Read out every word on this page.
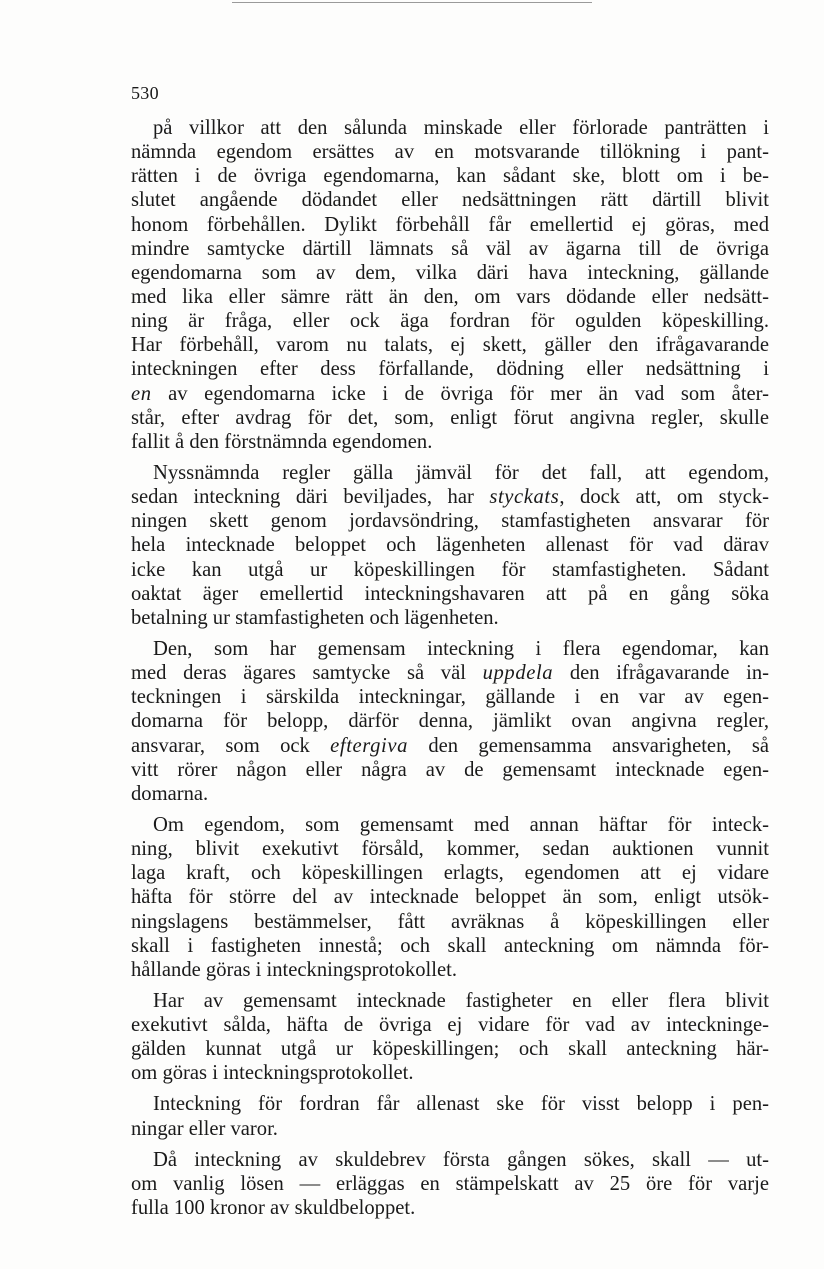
530
på villkor att den sålunda minskade eller förlorade panträtten i
nämnda egendom ersättes av en motsvarande tillökning i pant-
rätten i de övriga egendomarna, kan sådant ske, blott om i be-
slutet angående dödandet eller nedsättningen rätt därtill blivit
honom förbehållen. Dylikt förbehåll får emellertid ej göras, med
mindre samtycke därtill lämnats så väl av ägarna till de övriga
egendomarna som av dem, vilka däri hava inteckning, gällande
med lika eller sämre rätt än den, om vars dödande eller nedsätt-
ning är fråga, eller ock äga fordran för ogulden köpeskilling.
Har förbehåll, varom nu talats, ej skett, gäller den ifrågavarande
inteckningen efter dess förfallande, dödning eller nedsättning i
en av egendomarna icke i de övriga för mer än vad som åter-
står, efter avdrag för det, som, enligt förut angivna regler, skulle
fallit å den förstnämnda egendomen.
Nyssnämnda regler gälla jämväl för det fall, att egendom,
sedan inteckning däri beviljades, har styckats, dock att, om styck-
ningen skett genom jordavsöndring, stamfastigheten ansvarar för
hela intecknade beloppet och lägenheten allenast för vad därav
icke kan utgå ur köpeskillingen för stamfastigheten. Sådant
oaktat äger emellertid inteckningshavaren att på en gång söka
betalning ur stamfastigheten och lägenheten.
Den, som har gemensam inteckning i flera egendomar, kan
med deras ägares samtycke så väl uppdela den ifrågavarande in-
teckningen i särskilda inteckningar, gällande i en var av egen-
domarna för belopp, därför denna, jämlikt ovan angivna regler,
ansvarar, som ock eftergiva den gemensamma ansvarigheten, så
vitt rörer någon eller några av de gemensamt intecknade egen-
domarna.
Om egendom, som gemensamt med annan häftar för inteck-
ning, blivit exekutivt försåld, kommer, sedan auktionen vunnit
laga kraft, och köpeskillingen erlagts, egendomen att ej vidare
häfta för större del av intecknade beloppet än som, enligt utsök-
ningslagens bestämmelser, fått avräknas å köpeskillingen eller
skall i fastigheten innestå; och skall anteckning om nämnda för-
hållande göras i inteckningsprotokollet.
Har av gemensamt intecknade fastigheter en eller flera blivit
exekutivt sålda, häfta de övriga ej vidare för vad av inteckninge-
gälden kunnat utgå ur köpeskillingen; och skall anteckning här-
om göras i inteckningsprotokollet.
Inteckning för fordran får allenast ske för visst belopp i pen-
ningar eller varor.
Då inteckning av skuldebrev första gången sökes, skall — ut-
om vanlig lösen — erläggas en stämpelskatt av 25 öre för varje
fulla 100 kronor av skuldbeloppet.
